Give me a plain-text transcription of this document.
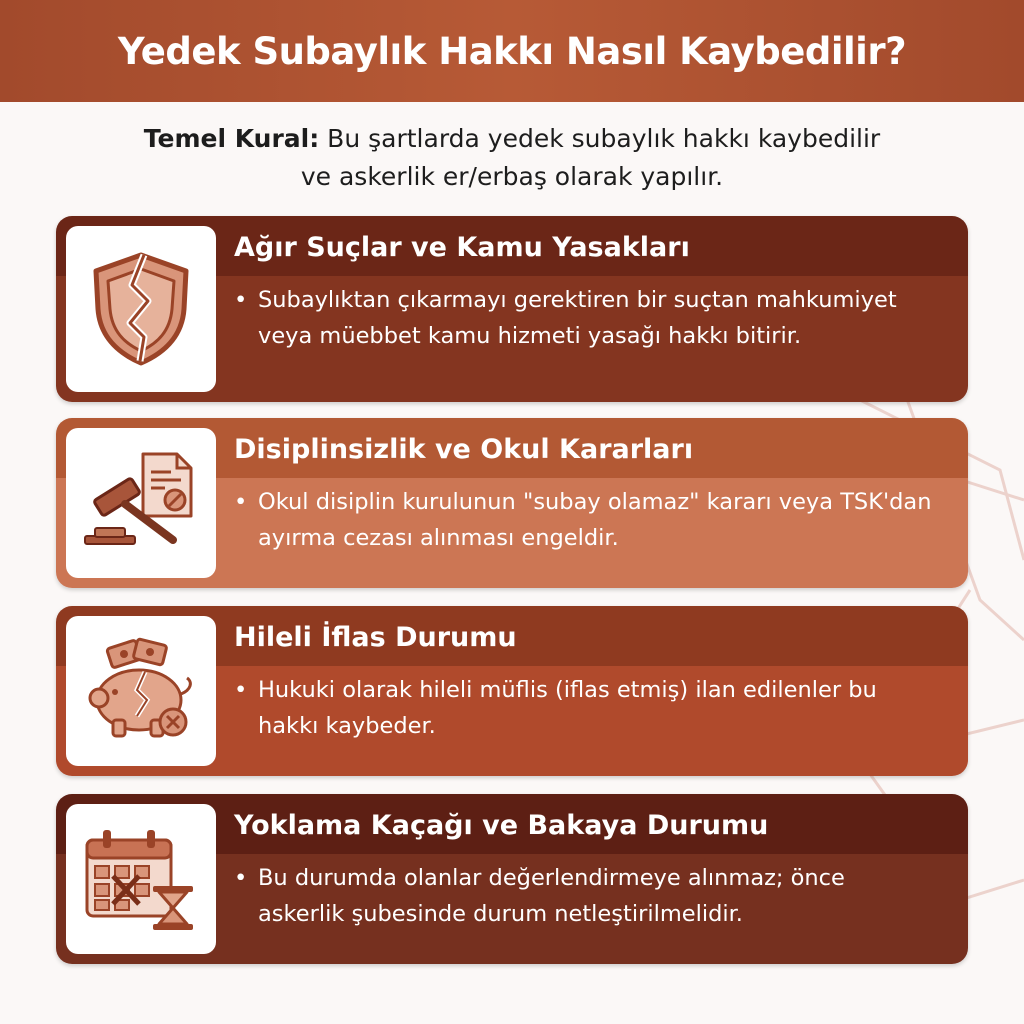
Yedek Subaylık Hakkı Nasıl Kaybedilir?
Temel Kural: Bu şartlarda yedek subaylık hakkı kaybedilir
ve askerlik er/erbaş olarak yapılır.
Ağır Suçlar ve Kamu Yasakları
• Subaylıktan çıkarmayı gerektiren bir suçtan mahkumiyet veya müebbet kamu hizmeti yasağı hakkı bitirir.
Disiplinsizlik ve Okul Kararları
• Okul disiplin kurulunun "subay olamaz" kararı veya TSK'dan ayırma cezası alınması engeldir.
Hileli İflas Durumu
• Hukuki olarak hileli müflis (iflas etmiş) ilan edilenler bu hakkı kaybeder.
Yoklama Kaçağı ve Bakaya Durumu
• Bu durumda olanlar değerlendirmeye alınmaz; önce askerlik şubesinde durum netleştirilmelidir.
